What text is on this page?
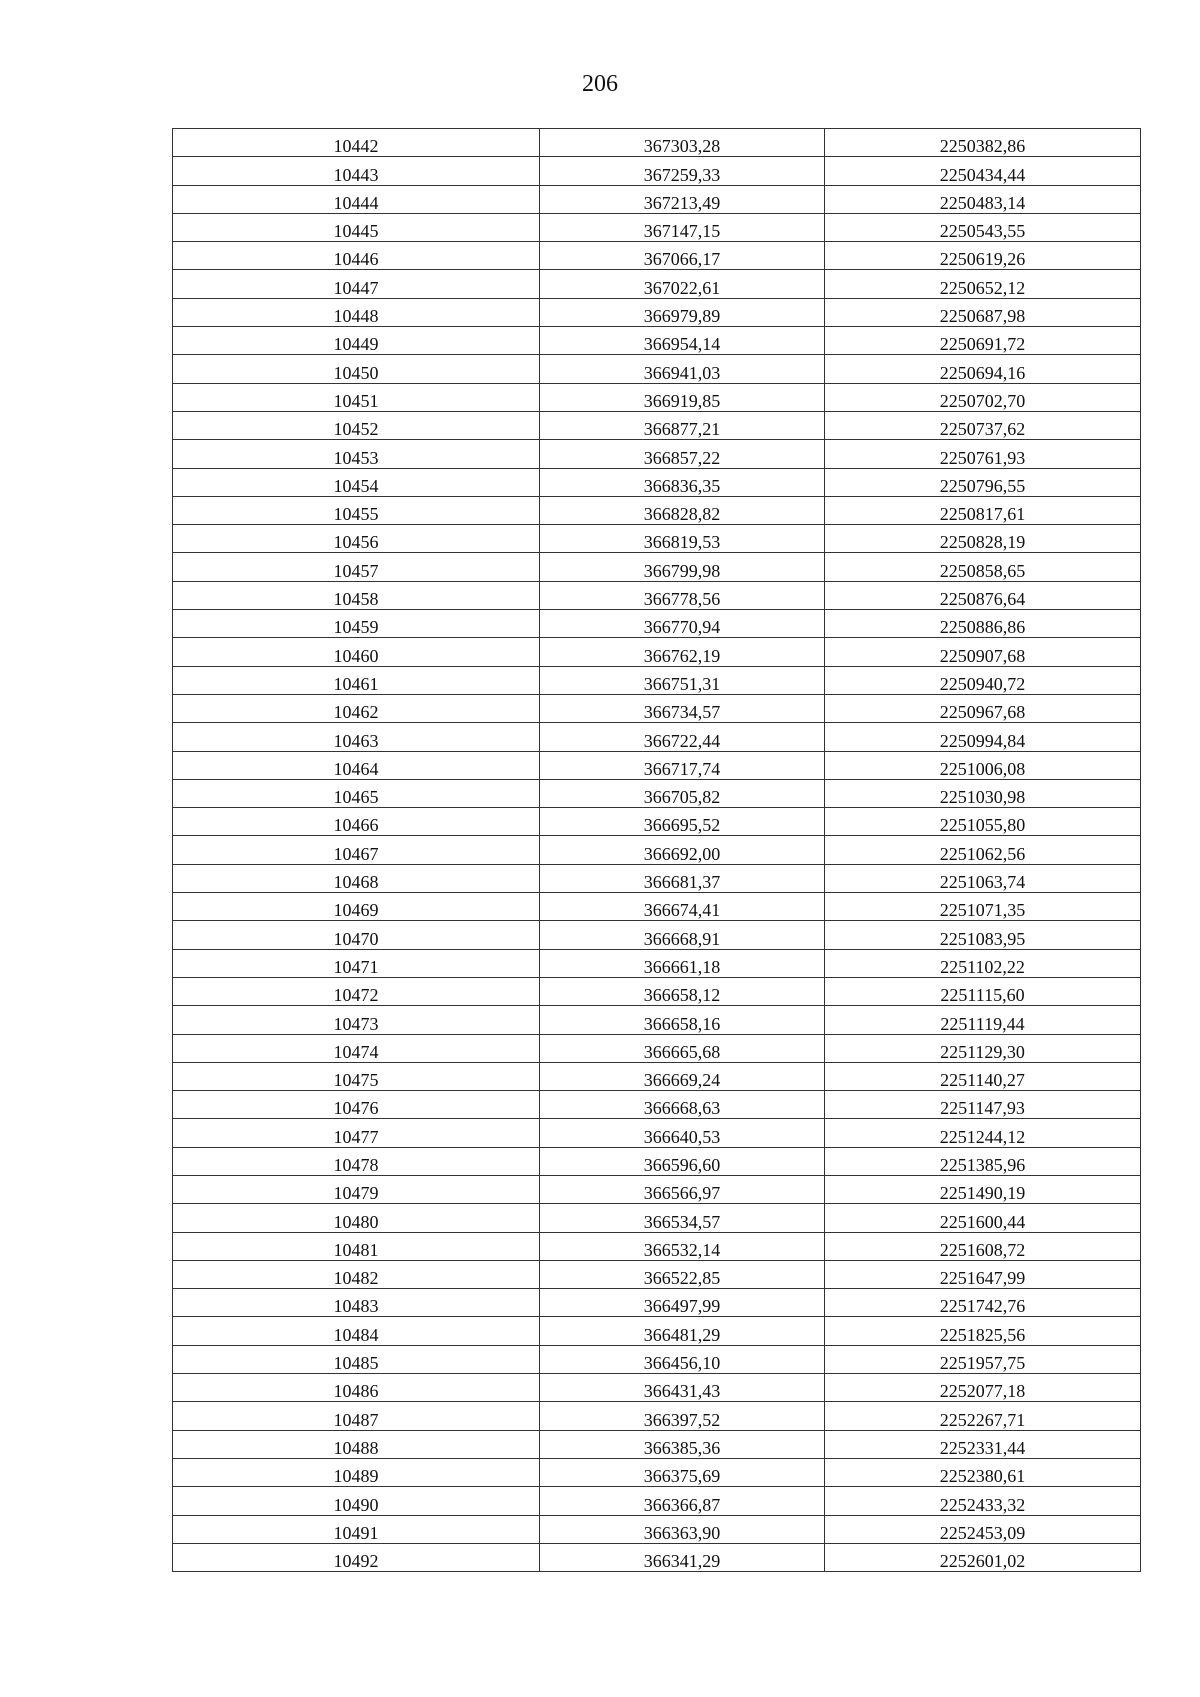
206
10442	367303,28	2250382,86
10443	367259,33	2250434,44
10444	367213,49	2250483,14
10445	367147,15	2250543,55
10446	367066,17	2250619,26
10447	367022,61	2250652,12
10448	366979,89	2250687,98
10449	366954,14	2250691,72
10450	366941,03	2250694,16
10451	366919,85	2250702,70
10452	366877,21	2250737,62
10453	366857,22	2250761,93
10454	366836,35	2250796,55
10455	366828,82	2250817,61
10456	366819,53	2250828,19
10457	366799,98	2250858,65
10458	366778,56	2250876,64
10459	366770,94	2250886,86
10460	366762,19	2250907,68
10461	366751,31	2250940,72
10462	366734,57	2250967,68
10463	366722,44	2250994,84
10464	366717,74	2251006,08
10465	366705,82	2251030,98
10466	366695,52	2251055,80
10467	366692,00	2251062,56
10468	366681,37	2251063,74
10469	366674,41	2251071,35
10470	366668,91	2251083,95
10471	366661,18	2251102,22
10472	366658,12	2251115,60
10473	366658,16	2251119,44
10474	366665,68	2251129,30
10475	366669,24	2251140,27
10476	366668,63	2251147,93
10477	366640,53	2251244,12
10478	366596,60	2251385,96
10479	366566,97	2251490,19
10480	366534,57	2251600,44
10481	366532,14	2251608,72
10482	366522,85	2251647,99
10483	366497,99	2251742,76
10484	366481,29	2251825,56
10485	366456,10	2251957,75
10486	366431,43	2252077,18
10487	366397,52	2252267,71
10488	366385,36	2252331,44
10489	366375,69	2252380,61
10490	366366,87	2252433,32
10491	366363,90	2252453,09
10492	366341,29	2252601,02
